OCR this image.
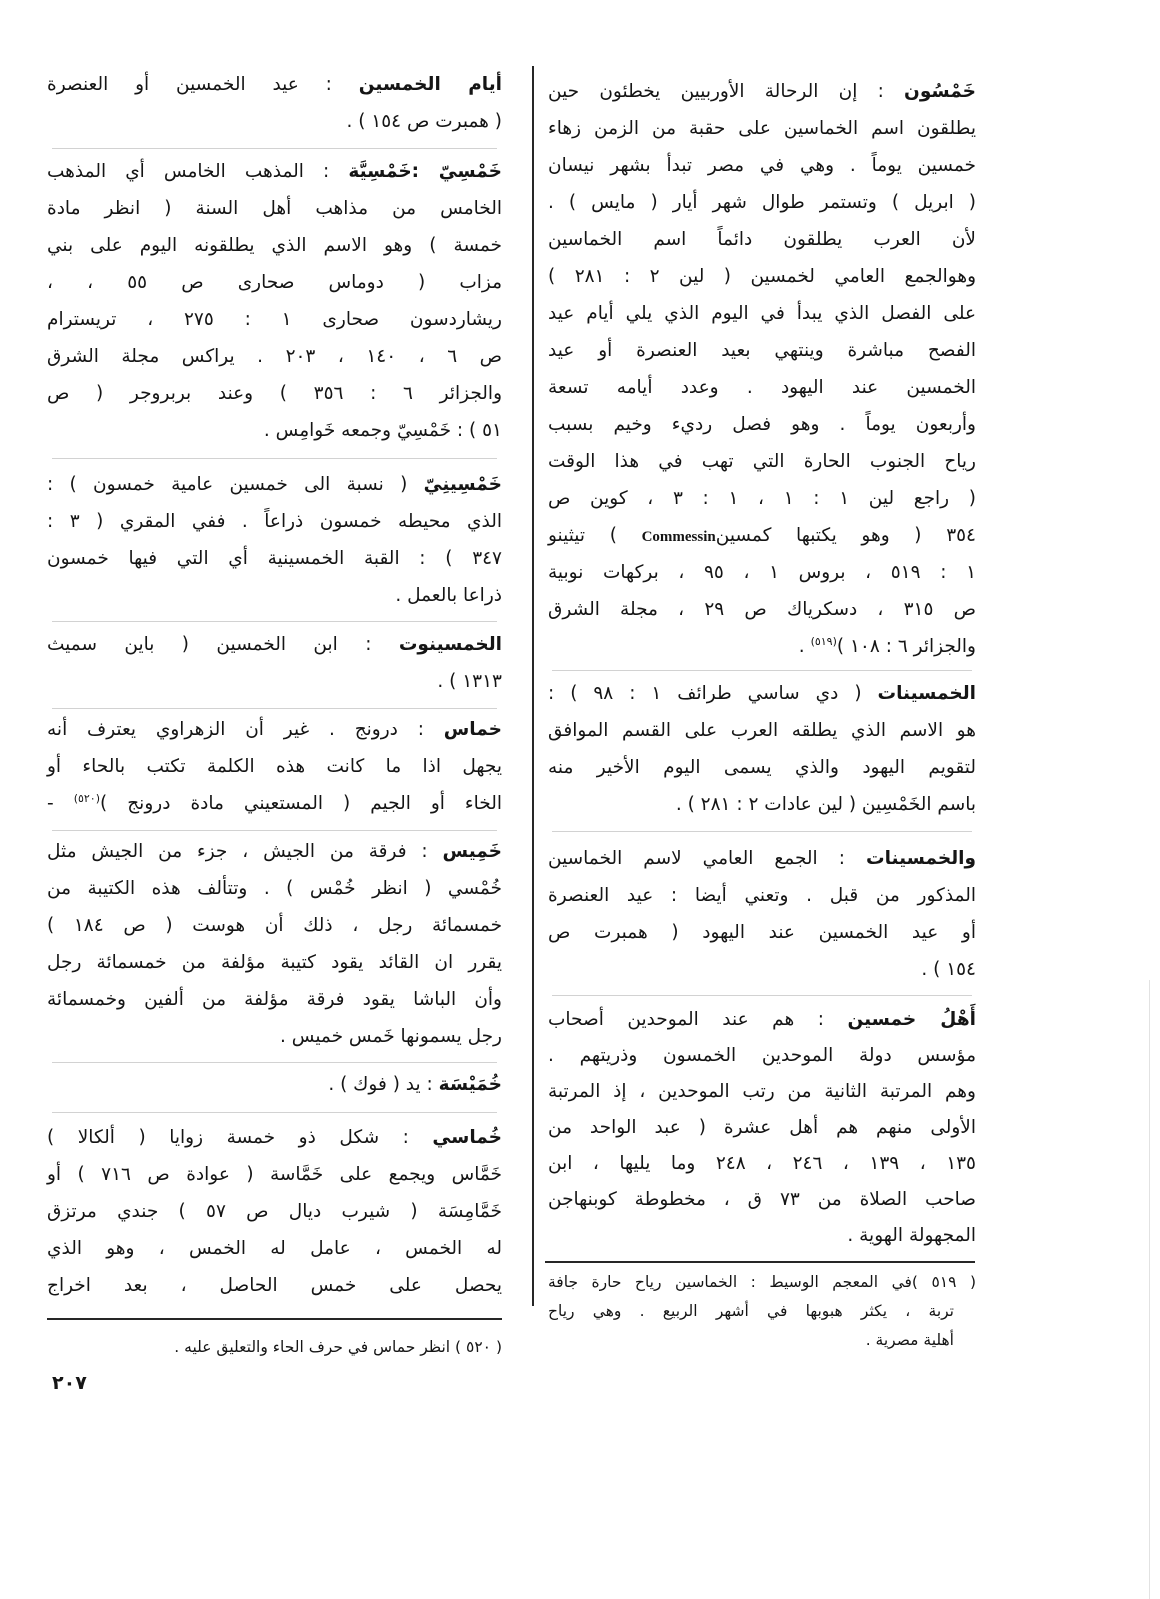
خَمْسُون : إن الرحالة الأوربيين يخطئون حين
يطلقون اسم الخماسين على حقبة من الزمن زهاء
خمسين يوماً . وهي في مصر تبدأ بشهر نيسان
( ابريل ) وتستمر طوال شهر أيار ( مايس ) .
لأن العرب يطلقون دائماً اسم الخماسين
وهوالجمع العامي لخمسين ( لين ٢ : ٢٨١ )
على الفصل الذي يبدأ في اليوم الذي يلي أيام عيد
الفصح مباشرة وينتهي بعيد العنصرة أو عيد
الخمسين عند اليهود . وعدد أيامه تسعة
وأربعون يوماً . وهو فصل رديء وخيم بسبب
رياح الجنوب الحارة التي تهب في هذا الوقت
( راجع لين ١ : ١ ، ١ : ٣ ، كوين ص
٣٥٤ ( وهو يكتبها كمسينCommessin ) تيثينو
١ : ٥١٩ ، بروس ١ ، ٩٥ ، بركهات نوبية
ص ٣١٥ ، دسكرياك ص ٢٩ ، مجلة الشرق
والجزائر ٦ : ١٠٨ )$^{(٥١٩)}$ .
الخمسينات ( دي ساسي طرائف ١ : ٩٨ ) :
هو الاسم الذي يطلقه العرب على القسم الموافق
لتقويم اليهود والذي يسمى اليوم الأخير منه
باسم الخَمْسِين ( لين عادات ٢ : ٢٨١ ) .
والخمسينات : الجمع العامي لاسم الخماسين
المذكور من قبل . وتعني أيضا : عيد العنصرة
أو عيد الخمسين عند اليهود ( همبرت ص
١٥٤ ) .
أَهْلُ خمسين : هم عند الموحدين أصحاب
مؤسس دولة الموحدين الخمسون وذريتهم .
وهم المرتبة الثانية من رتب الموحدين ، إذ المرتبة
الأولى منهم هم أهل عشرة ( عبد الواحد من
١٣٥ ، ١٣٩ ، ٢٤٦ ، ٢٤٨ وما يليها ، ابن
صاحب الصلاة من ٧٣ ق ، مخطوطة كوبنهاجن
المجهولة الهوية .
( ٥١٩ )في المعجم الوسيط : الخماسين رياح حارة جافة
تربة ، يكثر هبوبها في أشهر الربيع . وهي رياح
أهلية مصرية .
أيام الخمسين : عيد الخمسين أو العنصرة
( همبرت ص ١٥٤ ) .
خَمْسِيّ :خَمْسِيَّة : المذهب الخامس أي المذهب
الخامس من مذاهب أهل السنة ( انظر مادة
خمسة ) وهو الاسم الذي يطلقونه اليوم على بني
مزاب ( دوماس صحارى ص ٥٥ ، ،
ريشاردسون صحارى ١ : ٢٧٥ ، تريسترام
ص ٦ ، ١٤٠ ، ٢٠٣ . يراكس مجلة الشرق
والجزائر ٦ : ٣٥٦ ) وعند بربروجر ( ص
٥١ ) : خَمْسِيّ وجمعه خَوامِس .
خَمْسِينِيّ ( نسبة الى خمسين عامية خمسون ) :
الذي محيطه خمسون ذراعاً . ففي المقري ( ٣ :
٣٤٧ ) : القبة الخمسينية أي التي فيها خمسون
ذراعا بالعمل .
الخمسينوت : ابن الخمسين ( باين سميث
١٣١٣ ) .
خماس : درونج . غير أن الزهراوي يعترف أنه
يجهل اذا ما كانت هذه الكلمة تكتب بالحاء أو
الخاء أو الجيم ( المستعيني مادة درونج )$^{(٥٢٠)}$ -
خَمِيس : فرقة من الجيش ، جزء من الجيش مثل
خُمْسي ( انظر خُمْس ) . وتتألف هذه الكتيبة من
خمسمائة رجل ، ذلك أن هوست ( ص ١٨٤ )
يقرر ان القائد يقود كتيبة مؤلفة من خمسمائة رجل
وأن الباشا يقود فرقة مؤلفة من ألفين وخمسمائة
رجل يسمونها خَمس خميس .
خُمَيْسَة : يد ( فوك ) .
خُماسي : شكل ذو خمسة زوايا ( ألكالا )
خَمَّاس ويجمع على خَمَّاسة ( عوادة ص ٧١٦ ) أو
خَمَّامِسَة ( شيرب ديال ص ٥٧ ) جندي مرتزق
له الخمس ، عامل له الخمس ، وهو الذي
يحصل على خمس الحاصل ، بعد اخراج
( ٥٢٠ ) انظر حماس في حرف الحاء والتعليق عليه .
٢٠٧
